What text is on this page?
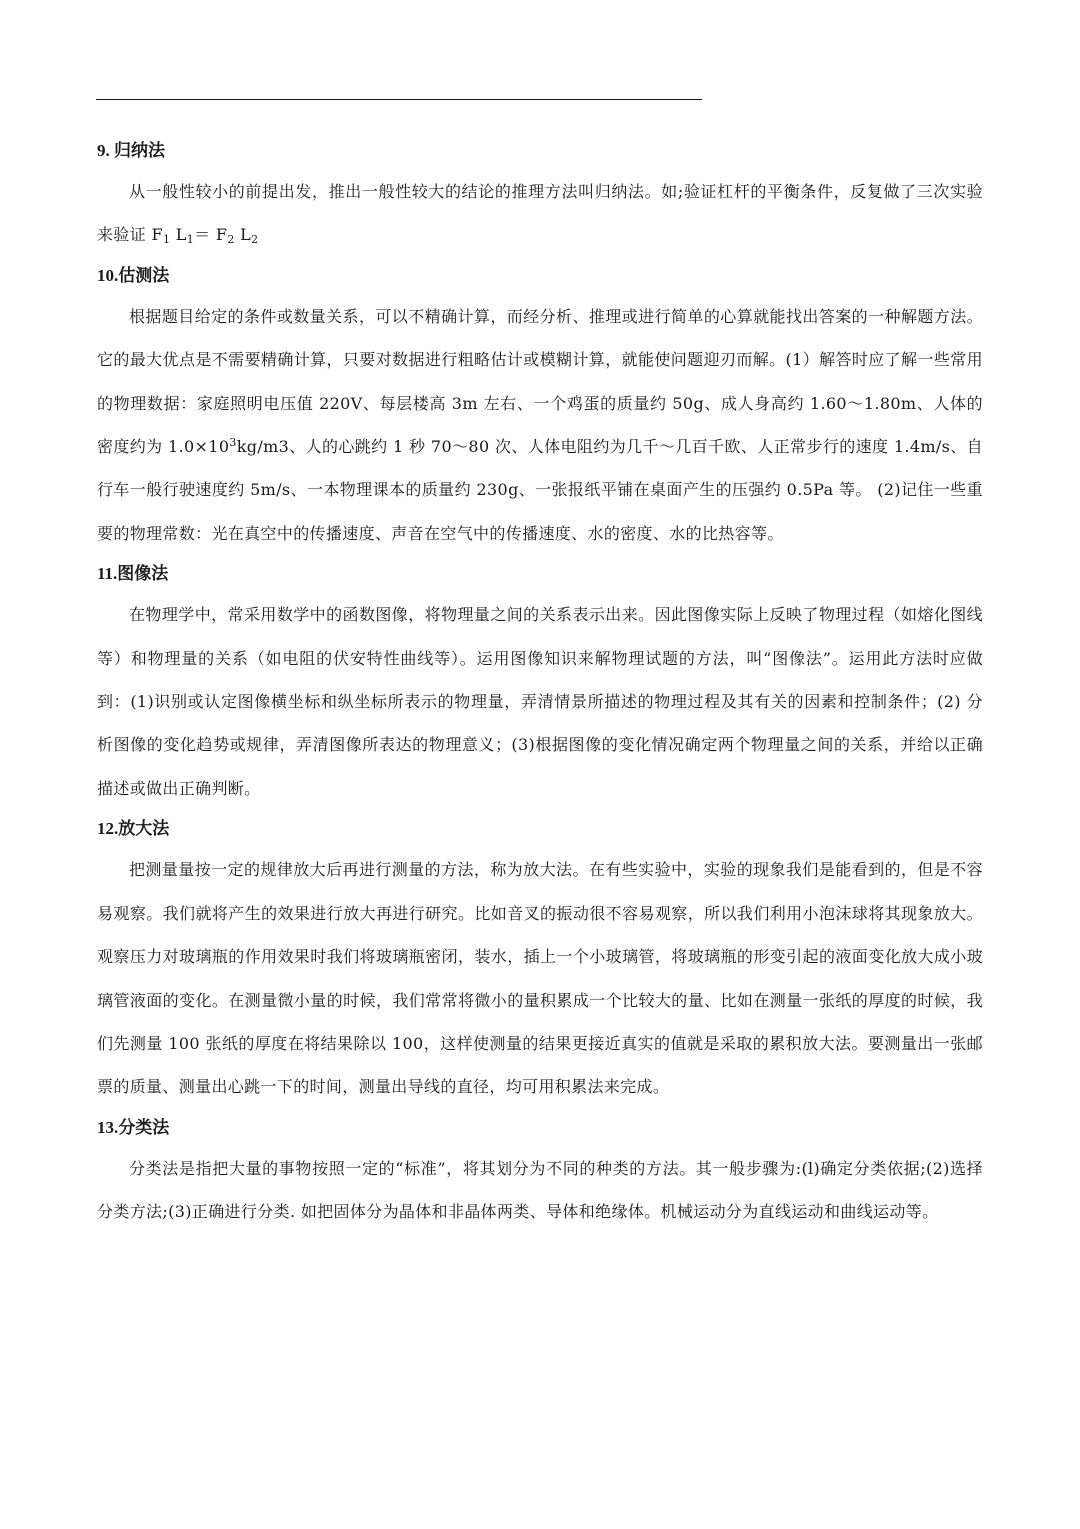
9. 归纳法
从一般性较小的前提出发，推出一般性较大的结论的推理方法叫归纳法。如;验证杠杆的平衡条件，反复做了三次实验来验证 $F_1$ $L_1= F_2$ $L_2$
10.估测法
根据题目给定的条件或数量关系，可以不精确计算，而经分析、推理或进行简单的心算就能找出答案的一种解题方法。它的最大优点是不需要精确计算，只要对数据进行粗略估计或模糊计算，就能使问题迎刃而解。(1）解答时应了解一些常用的物理数据：家庭照明电压值 220V、每层楼高 3m 左右、一个鸡蛋的质量约 50g、成人身高约 1.60～1.80m、人体的密度约为 $1.0\times 10^3kg/m3$、人的心跳约 1 秒 70～80 次、人体电阻约为几千～几百千欧、人正常步行的速度 1.4m/s、自行车一般行驶速度约 5m/s、一本物理课本的质量约 230g、一张报纸平铺在桌面产生的压强约 0.5Pa 等。 (2)记住一些重要的物理常数：光在真空中的传播速度、声音在空气中的传播速度、水的密度、水的比热容等。
11.图像法
在物理学中，常采用数学中的函数图像，将物理量之间的关系表示出来。因此图像实际上反映了物理过程（如熔化图线等）和物理量的关系（如电阻的伏安特性曲线等）。运用图像知识来解物理试题的方法，叫“图像法”。运用此方法时应做到：(1)识别或认定图像横坐标和纵坐标所表示的物理量，弄清情景所描述的物理过程及其有关的因素和控制条件；(2) 分析图像的变化趋势或规律，弄清图像所表达的物理意义；(3)根据图像的变化情况确定两个物理量之间的关系，并给以正确描述或做出正确判断。
12.放大法
把测量量按一定的规律放大后再进行测量的方法，称为放大法。在有些实验中，实验的现象我们是能看到的，但是不容易观察。我们就将产生的效果进行放大再进行研究。比如音叉的振动很不容易观察，所以我们利用小泡沫球将其现象放大。观察压力对玻璃瓶的作用效果时我们将玻璃瓶密闭，装水，插上一个小玻璃管，将玻璃瓶的形变引起的液面变化放大成小玻璃管液面的变化。在测量微小量的时候，我们常常将微小的量积累成一个比较大的量、比如在测量一张纸的厚度的时候，我们先测量 100 张纸的厚度在将结果除以 100，这样使测量的结果更接近真实的值就是采取的累积放大法。要测量出一张邮票的质量、测量出心跳一下的时间，测量出导线的直径，均可用积累法来完成。
13.分类法
分类法是指把大量的事物按照一定的“标准”，将其划分为不同的种类的方法。其一般步骤为:(l)确定分类依据;(2)选择分类方法;(3)正确进行分类. 如把固体分为晶体和非晶体两类、导体和绝缘体。机械运动分为直线运动和曲线运动等。
